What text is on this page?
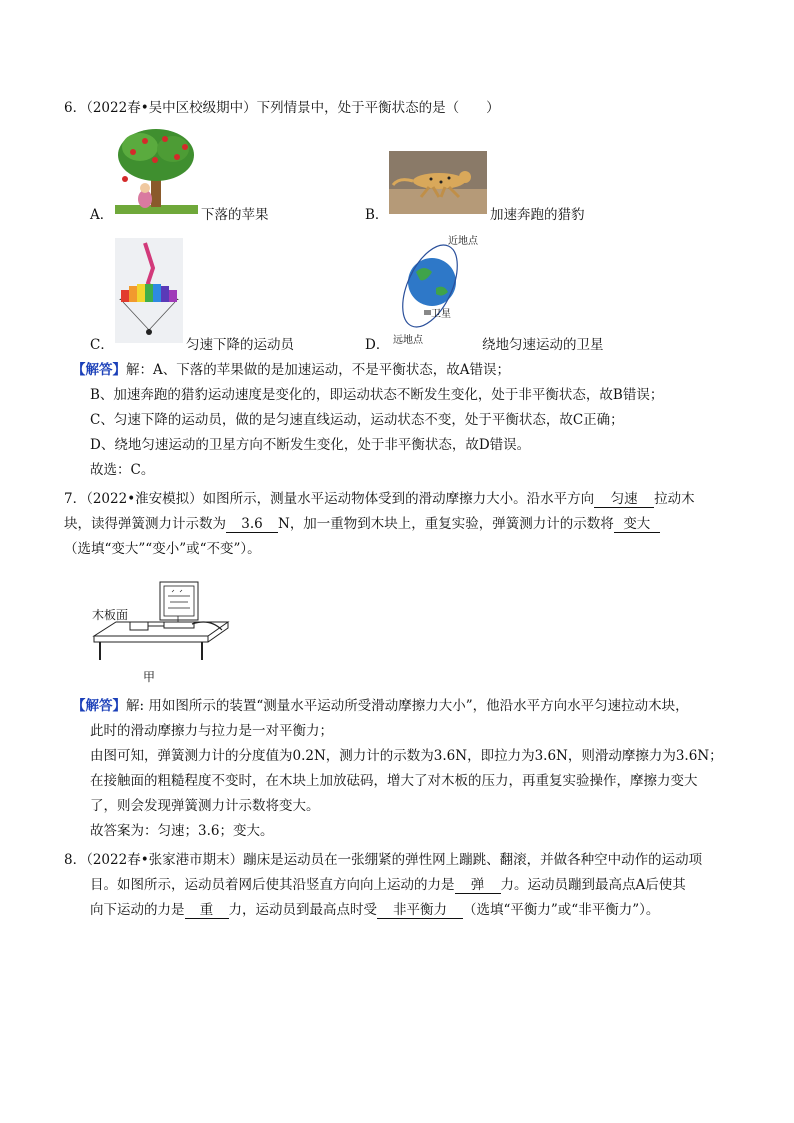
6．（2022春•吴中区校级期中）下列情景中，处于平衡状态的是（　　）
A．	下落的苹果	B．	加速奔跑的猎豹
C．	匀速下降的运动员
近地点
卫星
远地点
D．	绕地匀速运动的卫星
【解答】解：A、下落的苹果做的是加速运动，不是平衡状态，故A错误；
B、加速奔跑的猎豹运动速度是变化的，即运动状态不断发生变化，处于非平衡状态，故B错误；
C、匀速下降的运动员，做的是匀速直线运动，运动状态不变，处于平衡状态，故C正确；
D、绕地匀速运动的卫星方向不断发生变化，处于非平衡状态，故D错误。
故选：C。
7．（2022•淮安模拟）如图所示，测量水平运动物体受到的滑动摩擦力大小。沿水平方向 匀速 拉动木
块，读得弹簧测力计示数为 3.6 N，加一重物到木块上，重复实验，弹簧测力计的示数将 变大
（选填“变大”“变小”或“不变”）。
木板面
甲
【解答】解: 用如图所示的装置“测量水平运动所受滑动摩擦力大小”，他沿水平方向水平匀速拉动木块，
此时的滑动摩擦力与拉力是一对平衡力；
由图可知，弹簧测力计的分度值为0.2N，测力计的示数为3.6N，即拉力为3.6N，则滑动摩擦力为3.6N；
在接触面的粗糙程度不变时，在木块上加放砝码，增大了对木板的压力，再重复实验操作，摩擦力变大
了，则会发现弹簧测力计示数将变大。
故答案为：匀速；3.6；变大。
8．（2022春•张家港市期末）蹦床是运动员在一张绷紧的弹性网上蹦跳、翻滚，并做各种空中动作的运动项
目。如图所示，运动员着网后使其沿竖直方向向上运动的力是 弹 力。运动员蹦到最高点A后使其
向下运动的力是 重 力，运动员到最高点时受 非平衡力 （选填“平衡力”或“非平衡力”）。
